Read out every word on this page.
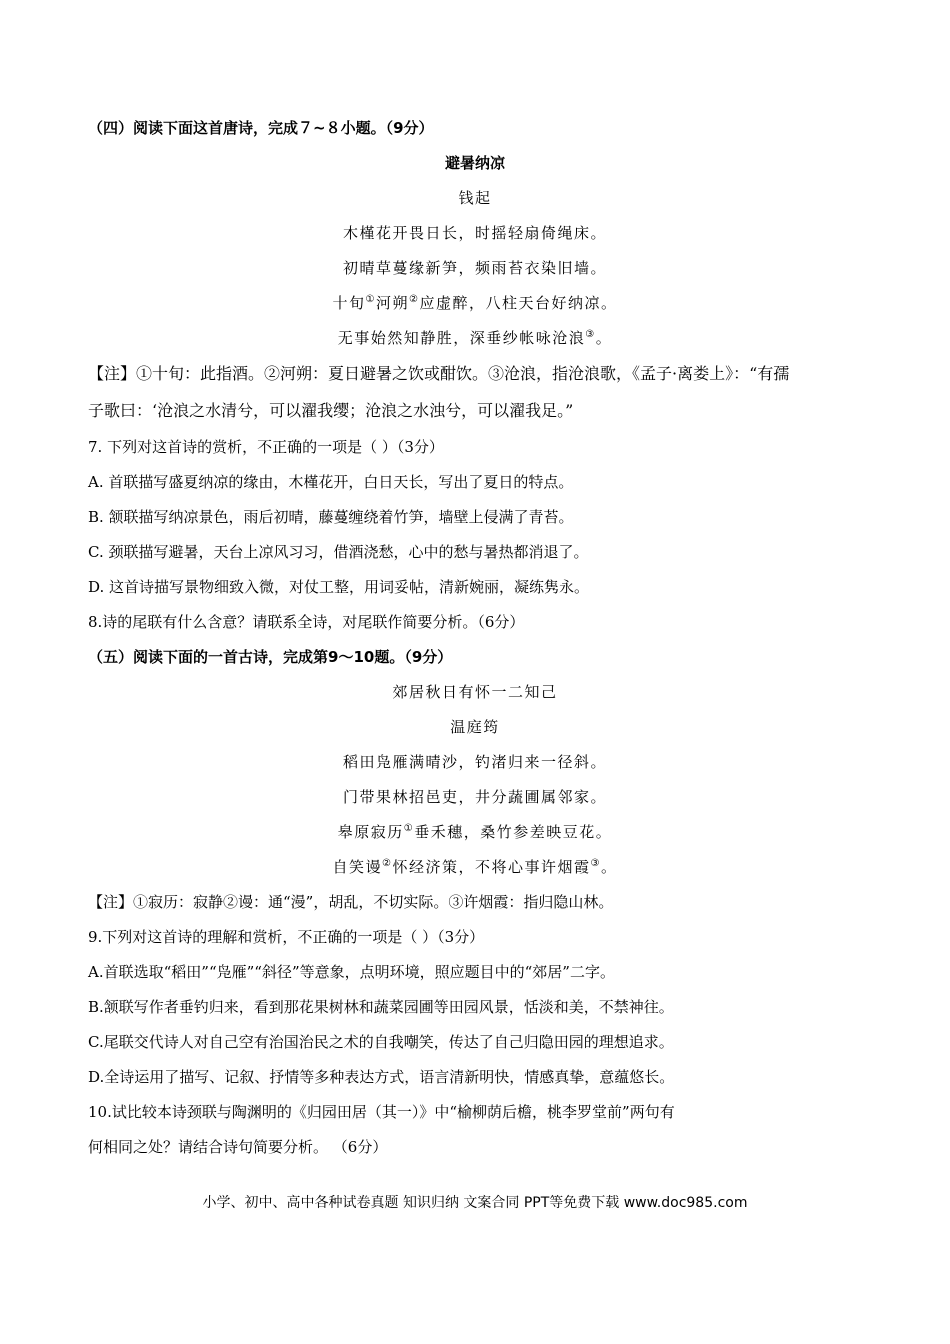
（四）阅读下面这首唐诗，完成７~８小题。（9分）
避暑纳凉
钱起
木槿花开畏日长，时摇轻扇倚绳床。
初晴草蔓缘新笋，频雨苔衣染旧墙。
十旬①河朔②应虚醉，八柱天台好纳凉。
无事始然知静胜，深垂纱帐咏沧浪③。
【注】①十旬：此指酒。②河朔：夏日避暑之饮或酣饮。③沧浪，指沧浪歌，《孟子·离娄上》：“有孺
子歌曰：‘沧浪之水清兮，可以濯我缨；沧浪之水浊兮，可以濯我足。”
7. 下列对这首诗的赏析，不正确的一项是（ ）（3分）
A. 首联描写盛夏纳凉的缘由，木槿花开，白日天长，写出了夏日的特点。
B. 颔联描写纳凉景色，雨后初晴，藤蔓缠绕着竹笋，墙壁上侵满了青苔。
C. 颈联描写避暑，天台上凉风习习，借酒浇愁，心中的愁与暑热都消退了。
D. 这首诗描写景物细致入微，对仗工整，用词妥帖，清新婉丽，凝练隽永。
8.诗的尾联有什么含意？请联系全诗，对尾联作简要分析。（6分）
（五）阅读下面的一首古诗，完成第9～10题。（9分）
郊居秋日有怀一二知己
温庭筠
稻田凫雁满晴沙，钓渚归来一径斜。
门带果林招邑吏，井分蔬圃属邻家。
皋原寂历①垂禾穗，桑竹参差映豆花。
自笑谩②怀经济策，不将心事许烟霞③。
【注】①寂历：寂静②谩：通“漫”，胡乱，不切实际。③许烟霞：指归隐山林。
9.下列对这首诗的理解和赏析，不正确的一项是（ ）（3分）
A.首联选取“稻田”“凫雁”“斜径”等意象，点明环境，照应题目中的“郊居”二字。
B.颔联写作者垂钓归来，看到那花果树林和蔬菜园圃等田园风景，恬淡和美，不禁神往。
C.尾联交代诗人对自己空有治国治民之术的自我嘲笑，传达了自己归隐田园的理想追求。
D.全诗运用了描写、记叙、抒情等多种表达方式，语言清新明快，情感真挚，意蕴悠长。
10.试比较本诗颈联与陶渊明的《归园田居（其一）》中“榆柳荫后檐，桃李罗堂前”两句有
何相同之处？请结合诗句简要分析。 （6分）
小学、初中、高中各种试卷真题 知识归纳 文案合同 PPT等免费下载 www.doc985.com
